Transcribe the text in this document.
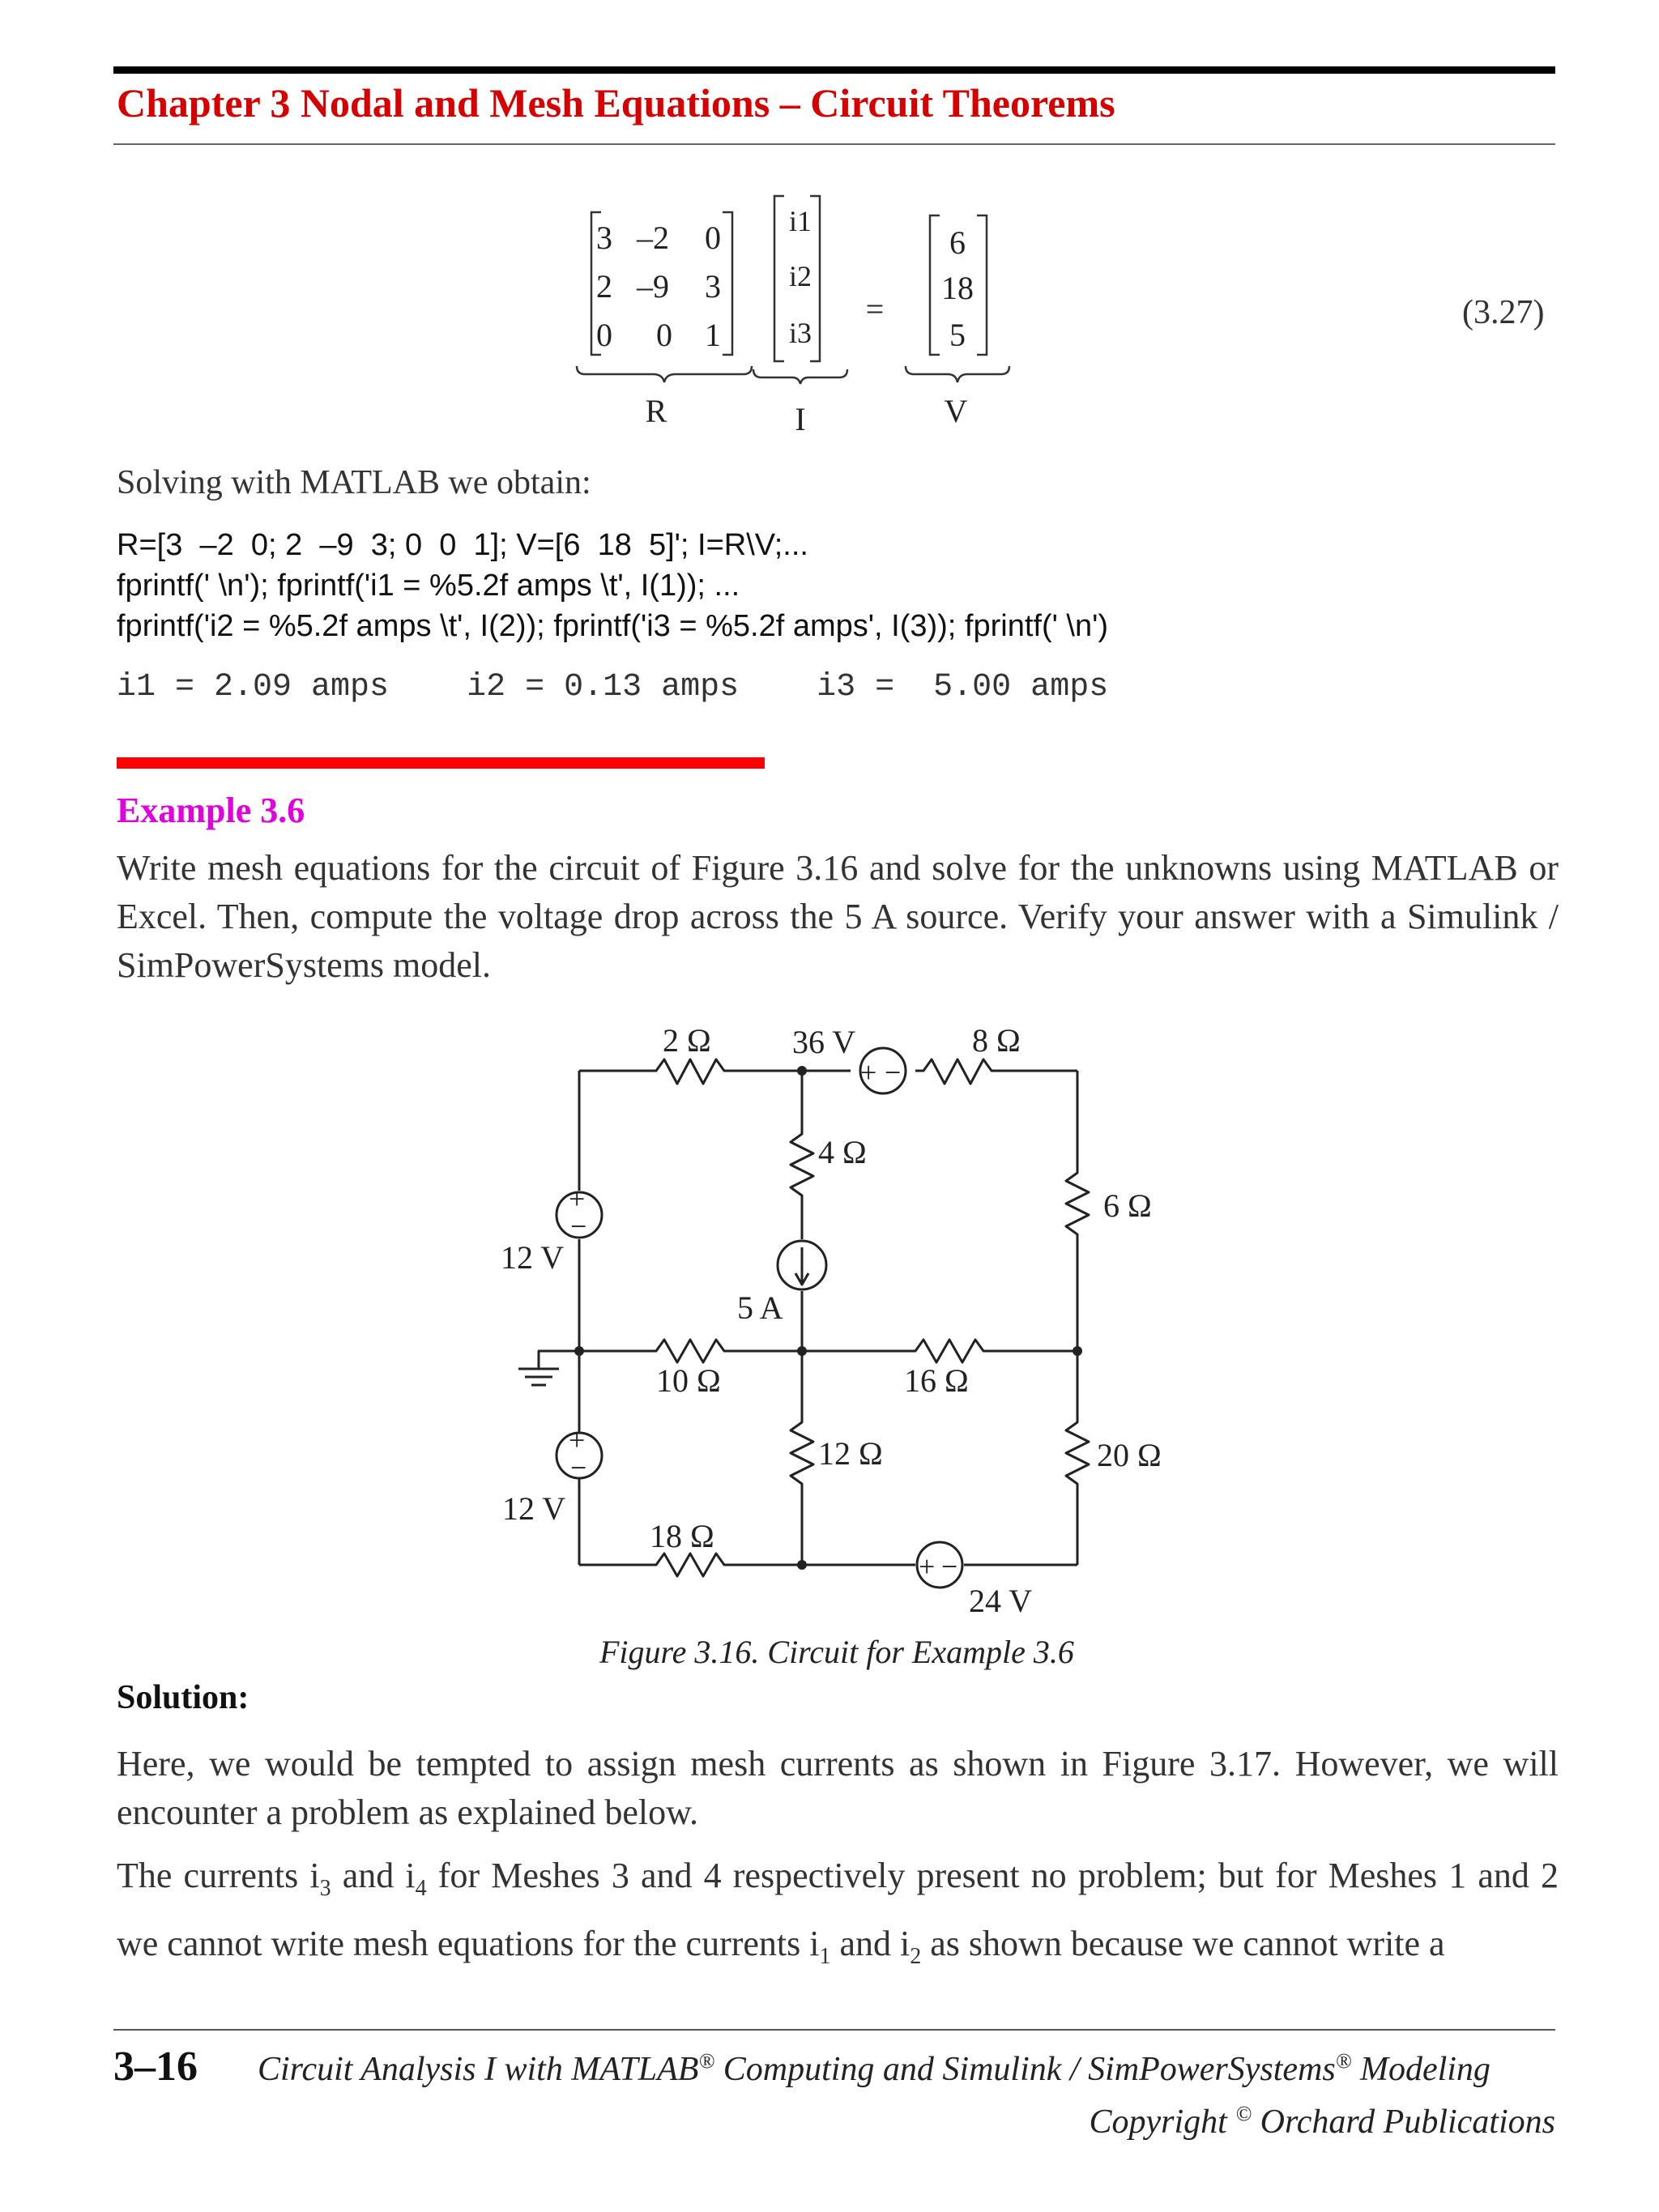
Chapter 3 Nodal and Mesh Equations – Circuit Theorems
3 –2 0
2 –9 3
0 0 1
i1
i2
i3
=
6
18
5
R	I	V
(3.27)
Solving with MATLAB we obtain:
R=[3  –2  0; 2  –9  3; 0  0  1]; V=[6  18  5]'; I=R\V;...
fprintf(' \n'); fprintf('i1 = %5.2f amps \t', I(1)); ...
fprintf('i2 = %5.2f amps \t', I(2)); fprintf('i3 = %5.2f amps', I(3)); fprintf(' \n')
i1 = 2.09 amps    i2 = 0.13 amps    i3 =  5.00 amps
Example 3.6
Write mesh equations for the circuit of Figure 3.16 and solve for the unknowns using MATLAB or Excel. Then, compute the voltage drop across the 5 A source. Verify your answer with a Simulink / SimPowerSystems model.
+ −
+
−
+
−
+ −
2 Ω	36 V	8 Ω
4 Ω
6 Ω
12 V
5 A
10 Ω	16 Ω
12 Ω	20 Ω
12 V
18 Ω
24 V
Figure 3.16. Circuit for Example 3.6
Solution:
Here, we would be tempted to assign mesh currents as shown in Figure 3.17. However, we will encounter a problem as explained below.
The currents $i_3$ and $i_4$ for Meshes 3 and 4 respectively present no problem; but for Meshes 1 and 2 we cannot write mesh equations for the currents $i_1$ and $i_2$ as shown because we cannot write a
3–16 Circuit Analysis I with MATLAB® Computing and Simulink / SimPowerSystems® Modeling
Copyright © Orchard Publications
